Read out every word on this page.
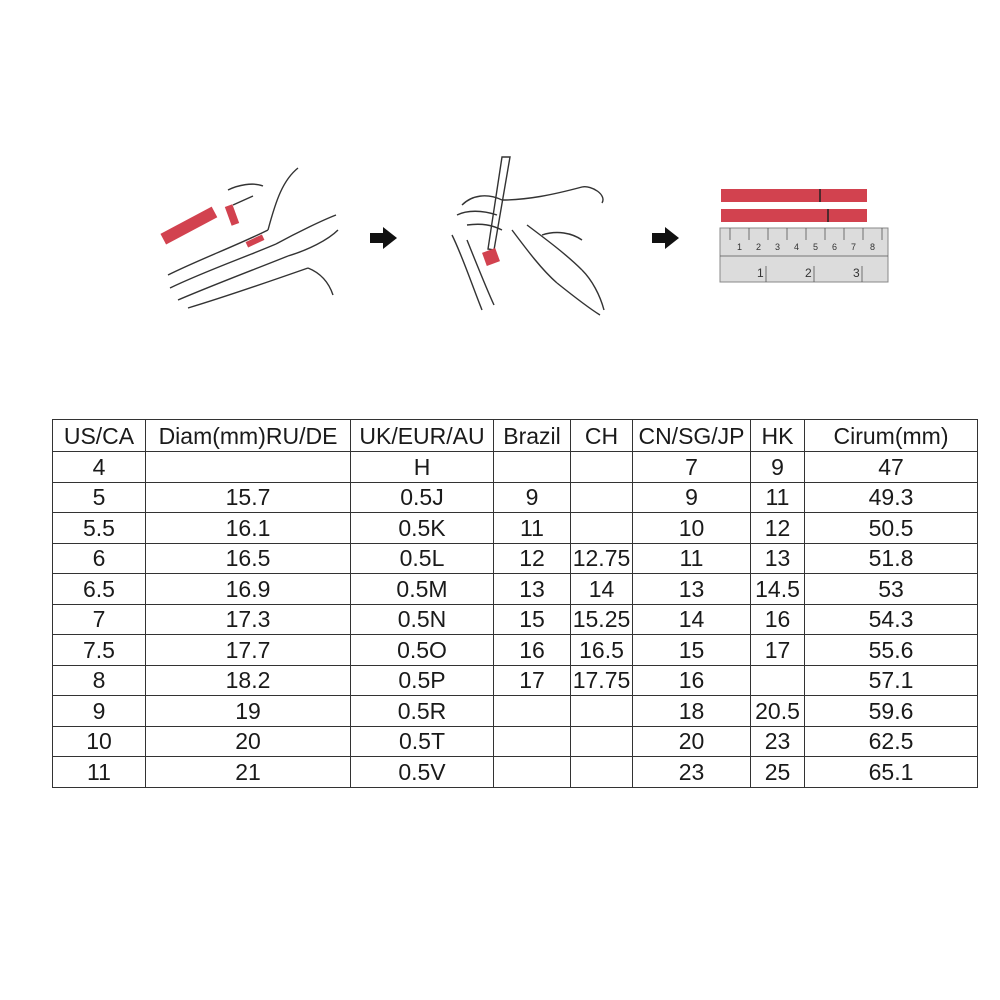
1 2 3 4 5 6 7 8
1	2	3
US/CA	Diam(mm)RU/DE	UK/EUR/AU	Brazil	CH	CN/SG/JP	HK	Cirum(mm)
4		H			7	9	47
5	15.7	0.5J	9		9	11	49.3
5.5	16.1	0.5K	11		10	12	50.5
6	16.5	0.5L	12	12.75	11	13	51.8
6.5	16.9	0.5M	13	14	13	14.5	53
7	17.3	0.5N	15	15.25	14	16	54.3
7.5	17.7	0.5O	16	16.5	15	17	55.6
8	18.2	0.5P	17	17.75	16		57.1
9	19	0.5R			18	20.5	59.6
10	20	0.5T			20	23	62.5
11	21	0.5V			23	25	65.1
